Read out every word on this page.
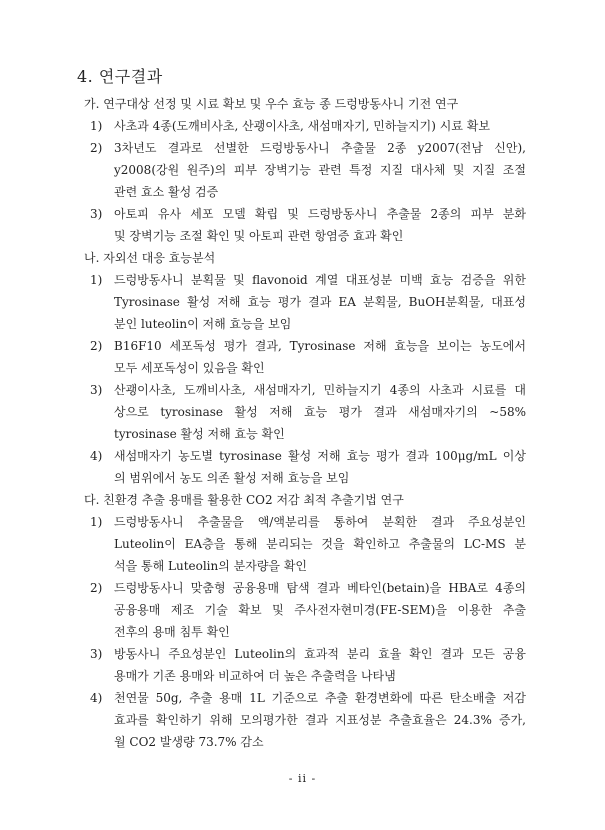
4. 연구결과
가. 연구대상 선정 및 시료 확보 및 우수 효능 종 드렁방동사니 기전 연구
1) 사초과 4종(도깨비사초, 산괭이사초, 새섬매자기, 민하늘지기) 시료 확보
2) 3차년도 결과로 선별한 드렁방동사니 추출물 2종 y2007(전남 신안),
y2008(강원 원주)의 피부 장벽기능 관련 특정 지질 대사체 및 지질 조절
관련 효소 활성 검증
3) 아토피 유사 세포 모델 확립 및 드렁방동사니 추출물 2종의 피부 분화
및 장벽기능 조절 확인 및 아토피 관련 항염증 효과 확인
나. 자외선 대응 효능분석
1) 드렁방동사니 분획물 및 flavonoid 계열 대표성분 미백 효능 검증을 위한
Tyrosinase 활성 저해 효능 평가 결과 EA 분획물, BuOH분획물, 대표성
분인 luteolin이 저해 효능을 보임
2) B16F10 세포독성 평가 결과, Tyrosinase 저해 효능을 보이는 농도에서
모두 세포독성이 있음을 확인
3) 산괭이사초, 도깨비사초, 새섬매자기, 민하늘지기 4종의 사초과 시료를 대
상으로 tyrosinase 활성 저해 효능 평가 결과 새섬매자기의 ~58%
tyrosinase 활성 저해 효능 확인
4) 새섬매자기 농도별 tyrosinase 활성 저해 효능 평가 결과 100μg/mL 이상
의 범위에서 농도 의존 활성 저해 효능을 보임
다. 친환경 추출 용매를 활용한 CO2 저감 최적 추출기법 연구
1) 드렁방동사니 추출물을 액/액분리를 통하여 분획한 결과 주요성분인
Luteolin이 EA층을 통해 분리되는 것을 확인하고 추출물의 LC-MS 분
석을 통해 Luteolin의 분자량을 확인
2) 드렁방동사니 맞춤형 공융용매 탐색 결과 베타인(betain)을 HBA로 4종의
공융용매 제조 기술 확보 및 주사전자현미경(FE-SEM)을 이용한 추출
전후의 용매 침투 확인
3) 방동사니 주요성분인 Luteolin의 효과적 분리 효율 확인 결과 모든 공융
용매가 기존 용매와 비교하여 더 높은 추출력을 나타냄
4) 천연물 50g, 추출 용매 1L 기준으로 추출 환경변화에 따른 탄소배출 저감
효과를 확인하기 위해 모의평가한 결과 지표성분 추출효율은 24.3% 증가,
월 CO2 발생량 73.7% 감소
- ii -
